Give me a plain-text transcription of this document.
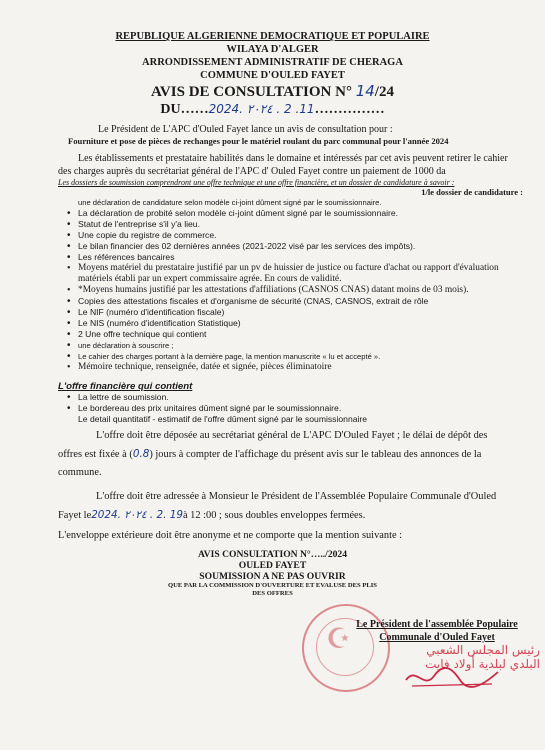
REPUBLIQUE ALGERIENNE DEMOCRATIQUE ET POPULAIRE
WILAYA D'ALGER
ARRONDISSEMENT ADMINISTRATIF DE CHERAGA
COMMUNE D'OULED FAYET
AVIS DE CONSULTATION N° 14/24
DU……2024. ٢٠٢٤ . 2 .11……………
Le Président de L'APC d'Ouled Fayet lance un avis de consultation pour :
Fourniture et pose de pièces de rechanges pour le matériel roulant du parc communal pour l'année 2024
Les établissements et prestataire habilités dans le domaine et intéressés par cet avis peuvent retirer le cahier des charges auprès du secrétariat général de l'APC d' Ouled Fayet contre un paiement de 1000 da
Les dossiers de soumission comprendront une offre technique et une offre financière, et un dossier de candidature à savoir :
1/le dossier de candidature :
une déclaration de candidature selon modèle ci-joint dûment signé par le soumissionnaire.
• La déclaration de probité selon modèle ci-joint dûment signé par le soumissionnaire.
• Statut de l'entreprise s'il y'a lieu.
• Une copie du registre de commerce.
• Le bilan financier des 02 dernières années (2021-2022 visé par les services des impôts).
• Les références bancaires
• Moyens matériel du prestataire justifié par un pv de huissier de justice ou facture d'achat ou rapport d'évaluation matériels établi par un expert commissaire agrée. En cours de validité.
• *Moyens humains justifié par les attestations d'affiliations (CASNOS CNAS) datant moins de 03 mois).
• Copies des attestations fiscales et d'organisme de sécurité (CNAS, CASNOS, extrait de rôle
• Le NIF (numéro d'identification fiscale)
• Le NIS (numéro d'identification Statistique)
• 2 Une offre technique qui contient
• une déclaration à souscrire ;
• Le cahier des charges portant à la dernière page, la mention manuscrite « lu et accepté ».
• Mémoire technique, renseignée, datée et signée, pièces éliminatoire
L'offre financière qui contient
• La lettre de soumission.
• Le bordereau des prix unitaires dûment signé par le soumissionnaire.
Le detail quantitatif - estimatif de l'offre dûment signé par le soumissionnaire
L'offre doit être déposée au secrétariat général de L'APC D'Ouled Fayet ; le délai de dépôt des offres est fixée à (0.8) jours à compter de l'affichage du présent avis sur le tableau des annonces de la commune.
L'offre doit être adressée à Monsieur le Président de l'Assemblée Populaire Communale d'Ouled Fayet le2024. ٢٠٢٤ . 2. 19à 12 :00 ; sous doubles enveloppes fermées.
L'enveloppe extérieure doit être anonyme et ne comporte que la mention suivante :
AVIS CONSULTATION N°…../2024
OULED FAYET
SOUMISSION A NE PAS OUVRIR
QUE PAR LA COMMISSION D'OUVERTURE ET EVALUSE DES PLIS
DES OFFRES
☪ Le Président de l'assemblée Populaire
Communale d'Ouled Fayet
رئيس المجلس الشعبي البلدي لبلدية أولاد فايت
